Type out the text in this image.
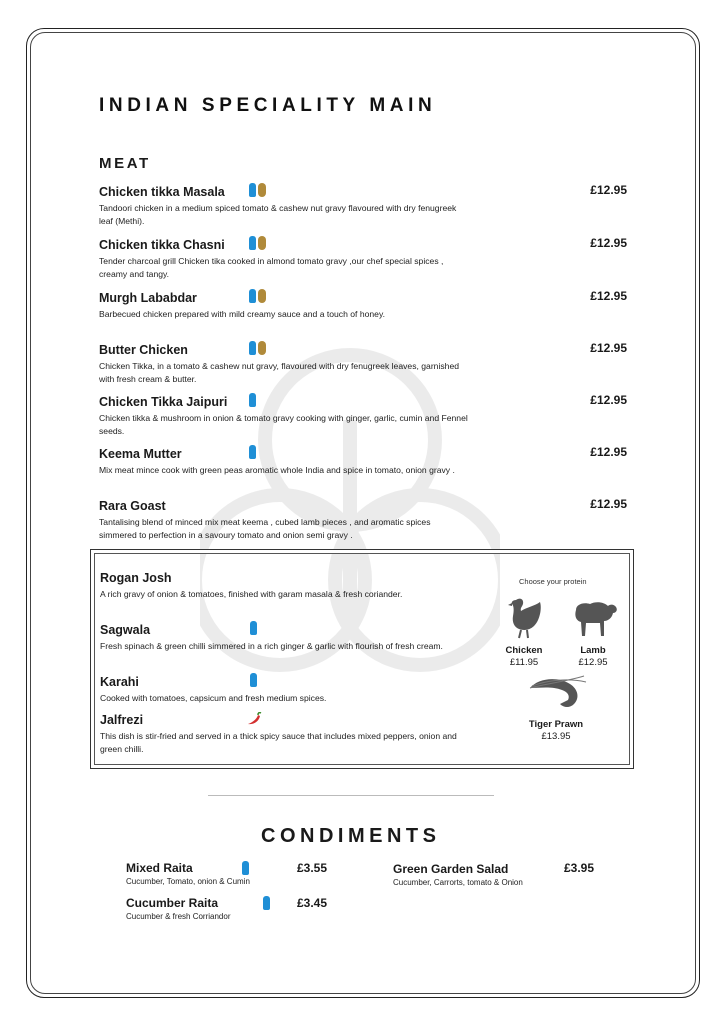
INDIAN SPECIALITY MAIN
MEAT
Chicken tikka Masala	£12.95
Tandoori chicken in a medium spiced tomato & cashew nut gravy flavoured with dry fenugreek leaf (Methi).
Chicken tikka Chasni	£12.95
Tender charcoal grill Chicken tika cooked in almond tomato gravy ,our chef special spices , creamy and tangy.
Murgh Lababdar	£12.95
Barbecued chicken prepared with mild creamy sauce and a touch of honey.
Butter Chicken	£12.95
Chicken Tikka, in a tomato & cashew nut gravy, flavoured with dry fenugreek leaves, garnished with fresh cream & butter.
Chicken Tikka Jaipuri	£12.95
Chicken tikka & mushroom in onion & tomato gravy cooking with ginger, garlic, cumin and Fennel seeds.
Keema Mutter	£12.95
Mix meat mince cook with green peas aromatic whole India and spice in tomato, onion gravy .
Rara Goast	£12.95
Tantalising blend of minced mix meat keema , cubed lamb pieces , and aromatic spices simmered to perfection in a savoury tomato and onion semi gravy .
Rogan Josh
A rich gravy of onion & tomatoes, finished with garam masala & fresh coriander.
Sagwala
Fresh spinach & green chilli simmered in a rich ginger & garlic with flourish of fresh cream.
Karahi
Cooked with tomatoes, capsicum and fresh medium spices.
Jalfrezi
This dish is stir-fried and served in a thick spicy sauce that includes mixed peppers, onion and green chilli.
Choose your protein
Chicken
£11.95
Lamb
£12.95
Tiger Prawn
£13.95
CONDIMENTS
Mixed Raita
Cucumber, Tomato, onion & Cumin
£3.55
Cucumber Raita
Cucumber & fresh Corriandor
£3.45
Green Garden Salad
Cucumber, Carrorts, tomato & Onion
£3.95
